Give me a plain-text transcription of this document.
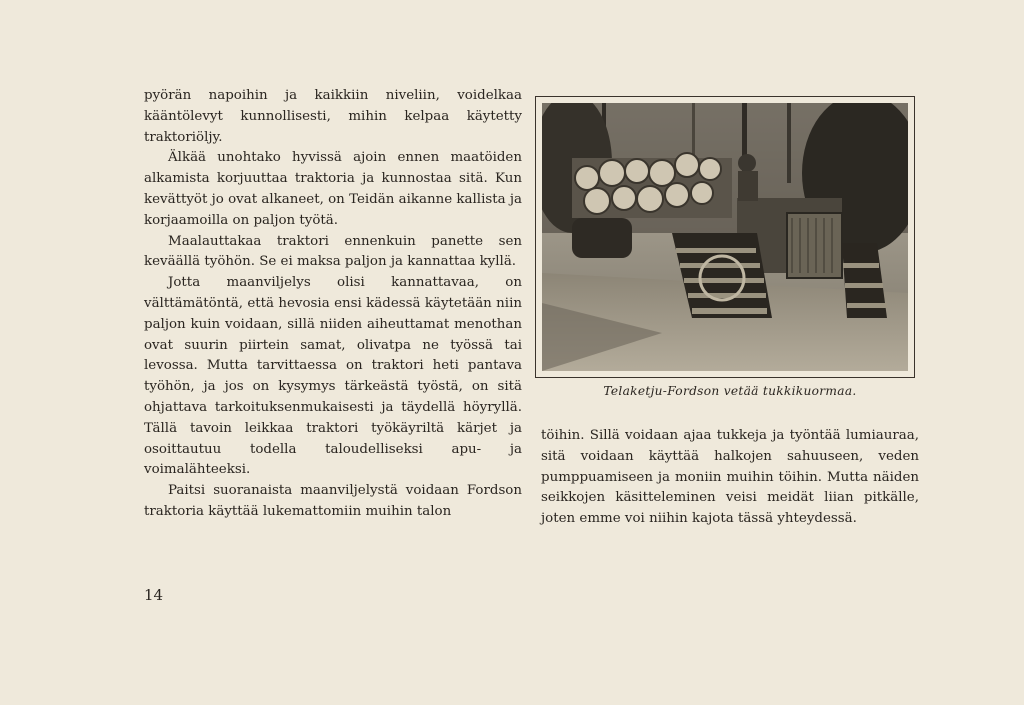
pyörän napoihin ja kaikkiin niveliin, voidelkaa kääntölevyt kunnollisesti, mihin kelpaa käytetty traktoriöljy.

Älkää unohtako hyvissä ajoin ennen maatöiden alkamista korjuuttaa traktoria ja kunnostaa sitä. Kun kevättyöt jo ovat alkaneet, on Teidän aikanne kallista ja korjaamoilla on paljon työtä.

Maalauttakaa traktori ennenkuin panette sen keväällä työhön. Se ei maksa paljon ja kannattaa kyllä.

Jotta maanviljelys olisi kannattavaa, on välttämätöntä, että hevosia ensi kädessä käytetään niin paljon kuin voidaan, sillä niiden aiheuttamat menothan ovat suurin piirtein samat, olivatpa ne työssä tai levossa. Mutta tarvittaessa on traktori heti pantava työhön, ja jos on kysymys tärkeästä työstä, on sitä ohjattava tarkoituksenmukaisesti ja täydellä höyryllä. Tällä tavoin leikkaa traktori työkäyriltä kärjet ja osoittautuu todella taloudelliseksi apu- ja voimalähteeksi.

Paitsi suoranaista maanviljelystä voidaan Fordson traktoria käyttää lukemattomiin muihin talon

Telaketju-Fordson vetää tukkikuormaa.

töihin. Sillä voidaan ajaa tukkeja ja työntää lumiauraa, sitä voidaan käyttää halkojen sahuuseen, veden pumppuamiseen ja moniin muihin töihin. Mutta näiden seikkojen käsitteleminen veisi meidät liian pitkälle, joten emme voi niihin kajota tässä yhteydessä.

14
